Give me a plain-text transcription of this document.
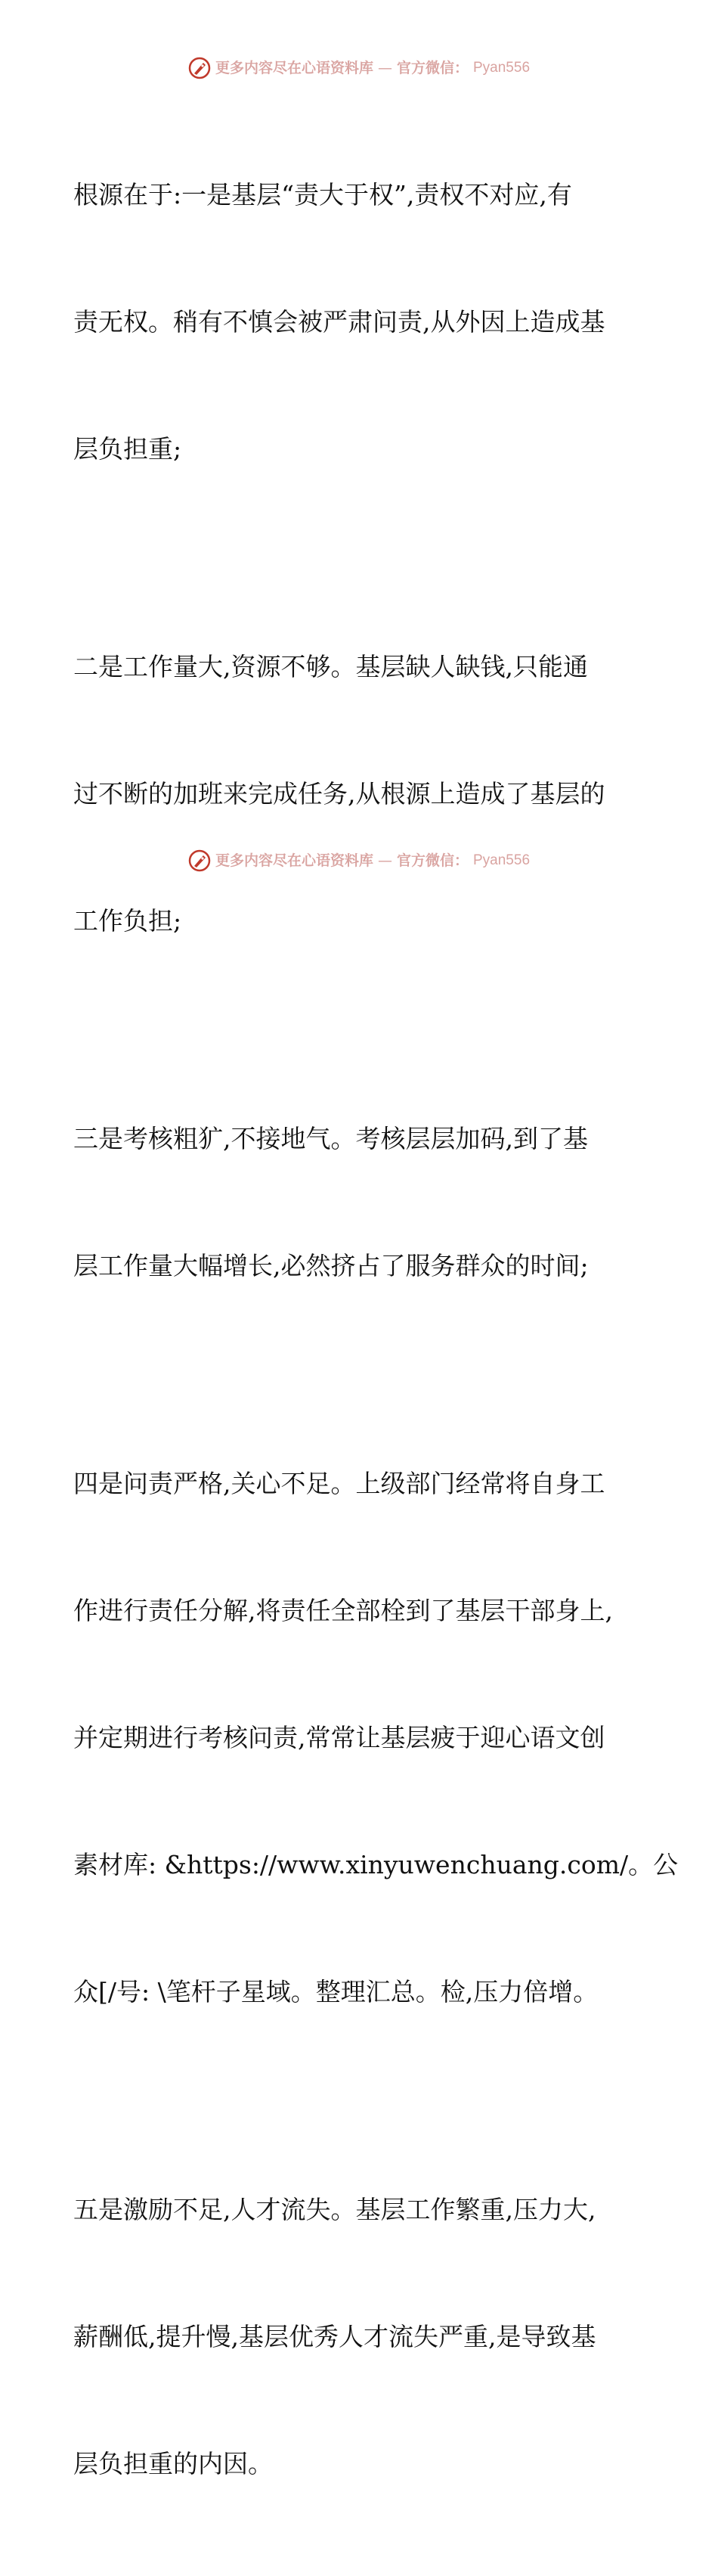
更多内容尽在心语资料库 — 官方微信： Pyan556

根源在于:一是基层“责大于权”,责权不对应,有

责无权。稍有不慎会被严肃问责,从外因上造成基

层负担重;

二是工作量大,资源不够。基层缺人缺钱,只能通

过不断的加班来完成任务,从根源上造成了基层的

工作负担;

三是考核粗犷,不接地气。考核层层加码,到了基

层工作量大幅增长,必然挤占了服务群众的时间;

四是问责严格,关心不足。上级部门经常将自身工

作进行责任分解,将责任全部栓到了基层干部身上,

并定期进行考核问责,常常让基层疲于迎心语文创

素材库: &https://www.xinyuwenchuang.com/。公

众[/号: \笔杆子星域。整理汇总。检,压力倍增。

五是激励不足,人才流失。基层工作繁重,压力大,

薪酬低,提升慢,基层优秀人才流失严重,是导致基

层负担重的内因。

更多内容尽在心语资料库 — 官方微信： Pyan556
